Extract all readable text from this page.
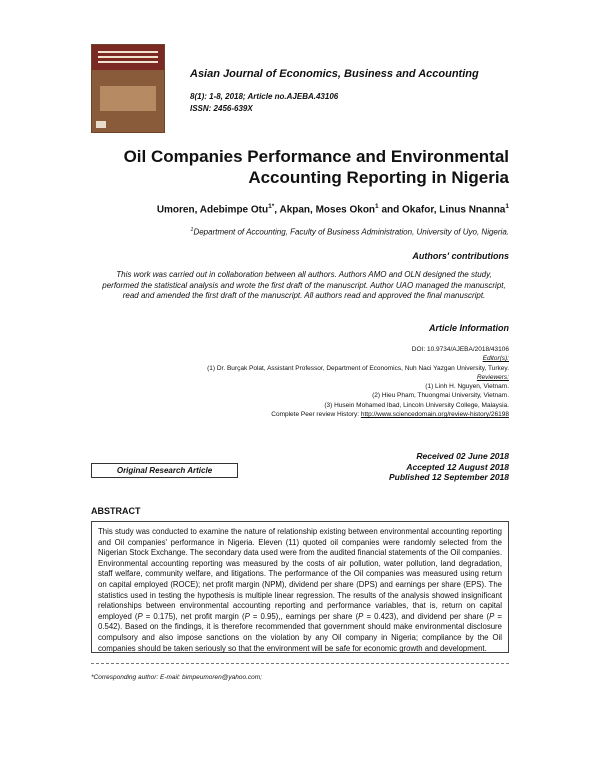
Asian Journal of Economics, Business and Accounting
8(1): 1-8, 2018; Article no.AJEBA.43106
ISSN: 2456-639X
Oil Companies Performance and Environmental
Accounting Reporting in Nigeria
Umoren, Adebimpe Otu$^{1*}$, Akpan, Moses Okon$^1$ and Okafor, Linus Nnanna$^1$
$^1$Department of Accounting, Faculty of Business Administration, University of Uyo, Nigeria.
Authors' contributions
This work was carried out in collaboration between all authors. Authors AMO and OLN designed the study, performed the statistical analysis and wrote the first draft of the manuscript. Author UAO managed the manuscript, read and amended the first draft of the manuscript. All authors read and approved the final manuscript.
Article Information
DOI: 10.9734/AJEBA/2018/43106
Editor(s):
(1) Dr. Burçak Polat, Assistant Professor, Department of Economics, Nuh Naci Yazgan University, Turkey.
Reviewers:
(1) Linh H. Nguyen, Vietnam.
(2) Hieu Pham, Thuongmai University, Vietnam.
(3) Husein Mohamed Ibad, Lincoln University College, Malaysia.
Complete Peer review History: http://www.sciencedomain.org/review-history/26198
Original Research Article
Received 02 June 2018
Accepted 12 August 2018
Published 12 September 2018
ABSTRACT
This study was conducted to examine the nature of relationship existing between environmental accounting reporting and Oil companies' performance in Nigeria. Eleven (11) quoted oil companies were randomly selected from the Nigerian Stock Exchange. The secondary data used were from the audited financial statements of the Oil companies. Environmental accounting reporting was measured by the costs of air pollution, water pollution, land degradation, staff welfare, community welfare, and litigations. The performance of the Oil companies was measured using return on capital employed (ROCE); net profit margin (NPM), dividend per share (DPS) and earnings per share (EPS). The statistics used in testing the hypothesis is multiple linear regression. The results of the analysis showed insignificant relationships between environmental accounting reporting and performance variables, that is, return on capital employed (P = 0.175), net profit margin (P = 0.95),, earnings per share (P = 0.423), and dividend per share (P = 0.542). Based on the findings, it is therefore recommended that government should make environmental disclosure compulsory and also impose sanctions on the violation by any Oil company in Nigeria; compliance by the Oil companies should be taken seriously so that the environment will be safe for economic growth and development.
*Corresponding author: E-mail: bimpeumoren@yahoo.com;
